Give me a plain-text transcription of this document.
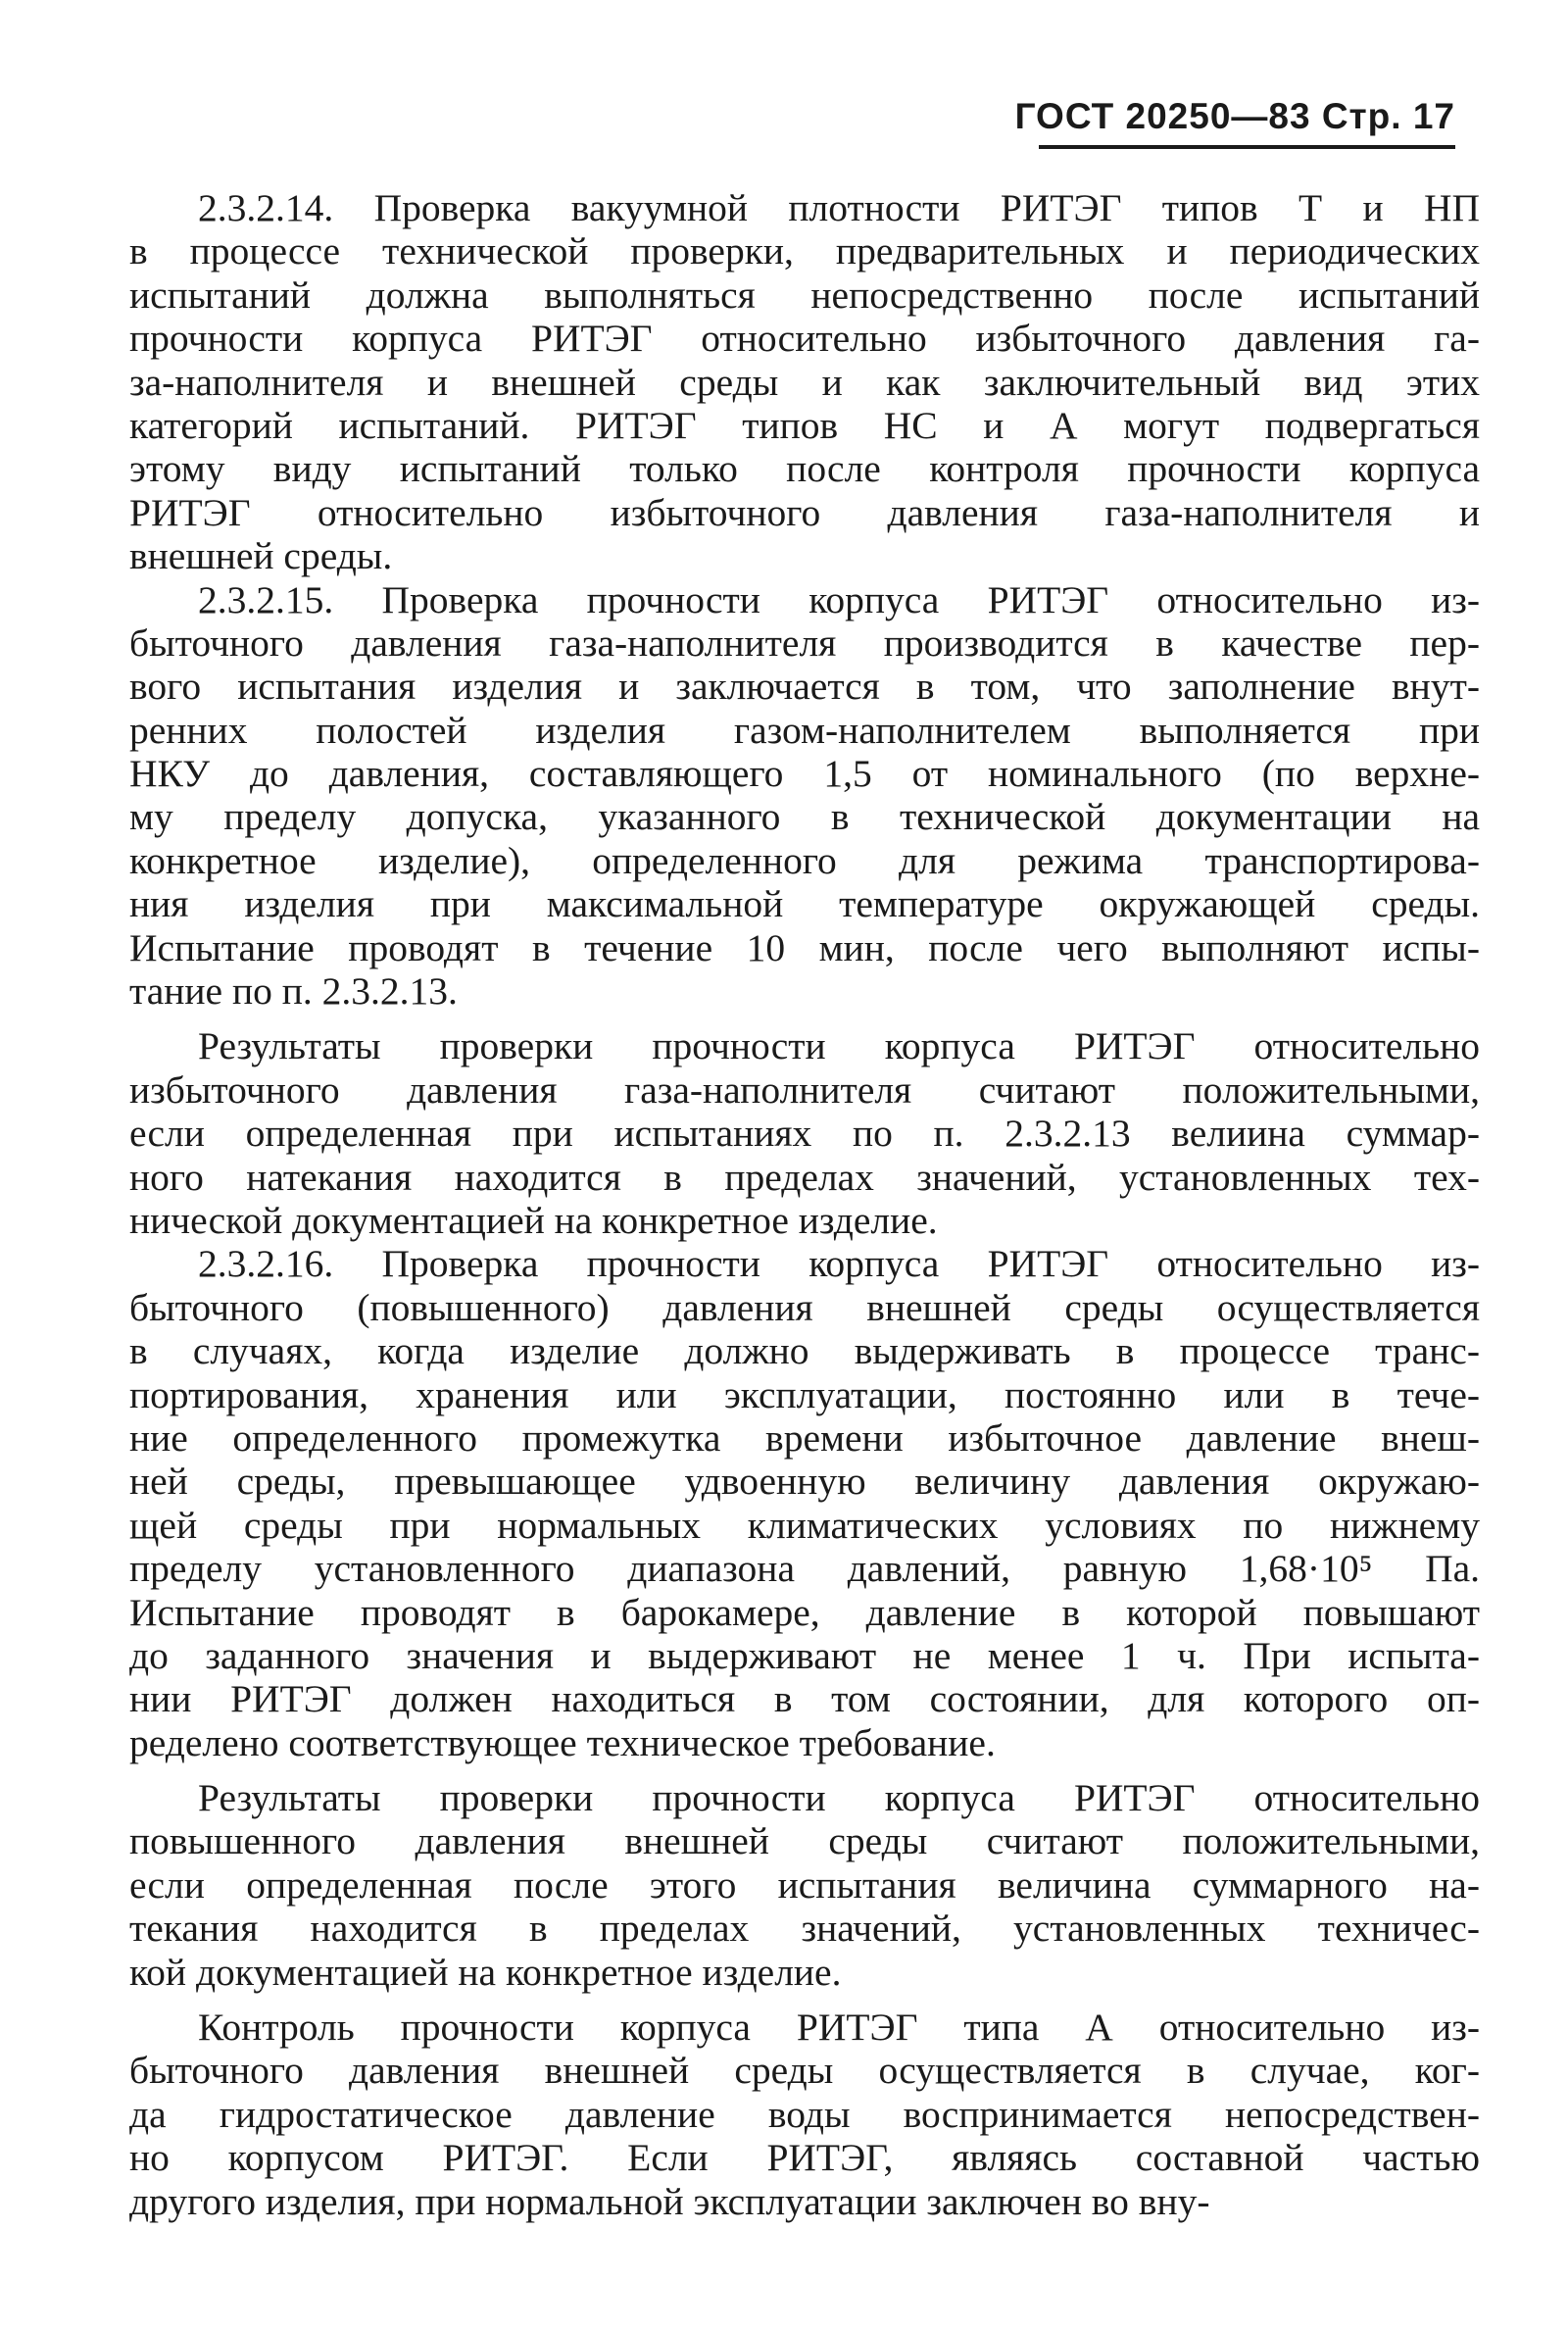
ГОСТ 20250—83 Стр. 17
2.3.2.14. Проверка вакуумной плотности РИТЭГ типов Т и НП
в процессе технической проверки, предварительных и периодических
испытаний должна выполняться непосредственно после испытаний
прочности корпуса РИТЭГ относительно избыточного давления га-
за-наполнителя и внешней среды и как заключительный вид этих
категорий испытаний. РИТЭГ типов НС и А могут подвергаться
этому виду испытаний только после контроля прочности корпуса
РИТЭГ относительно избыточного давления газа-наполнителя и
внешней среды.
2.3.2.15. Проверка прочности корпуса РИТЭГ относительно из-
быточного давления газа-наполнителя производится в качестве пер-
вого испытания изделия и заключается в том, что заполнение внут-
ренних полостей изделия газом-наполнителем выполняется при
НКУ до давления, составляющего 1,5 от номинального (по верхне-
му пределу допуска, указанного в технической документации на
конкретное изделие), определенного для режима транспортирова-
ния изделия при максимальной температуре окружающей среды.
Испытание проводят в течение 10 мин, после чего выполняют испы-
тание по п. 2.3.2.13.
Результаты проверки прочности корпуса РИТЭГ относительно
избыточного давления газа-наполнителя считают положительными,
если определенная при испытаниях по п. 2.3.2.13 велиина суммар-
ного натекания находится в пределах значений, установленных тех-
нической документацией на конкретное изделие.
2.3.2.16. Проверка прочности корпуса РИТЭГ относительно из-
быточного (повышенного) давления внешней среды осуществляется
в случаях, когда изделие должно выдерживать в процессе транс-
портирования, хранения или эксплуатации, постоянно или в тече-
ние определенного промежутка времени избыточное давление внеш-
ней среды, превышающее удвоенную величину давления окружаю-
щей среды при нормальных климатических условиях по нижнему
пределу установленного диапазона давлений, равную 1,68·10⁵ Па.
Испытание проводят в барокамере, давление в которой повышают
до заданного значения и выдерживают не менее 1 ч. При испыта-
нии РИТЭГ должен находиться в том состоянии, для которого оп-
ределено соответствующее техническое требование.
Результаты проверки прочности корпуса РИТЭГ относительно
повышенного давления внешней среды считают положительными,
если определенная после этого испытания величина суммарного на-
текания находится в пределах значений, установленных техничес-
кой документацией на конкретное изделие.
Контроль прочности корпуса РИТЭГ типа А относительно из-
быточного давления внешней среды осуществляется в случае, ког-
да гидростатическое давление воды воспринимается непосредствен-
но корпусом РИТЭГ. Если РИТЭГ, являясь составной частью
другого изделия, при нормальной эксплуатации заключен во вну-
